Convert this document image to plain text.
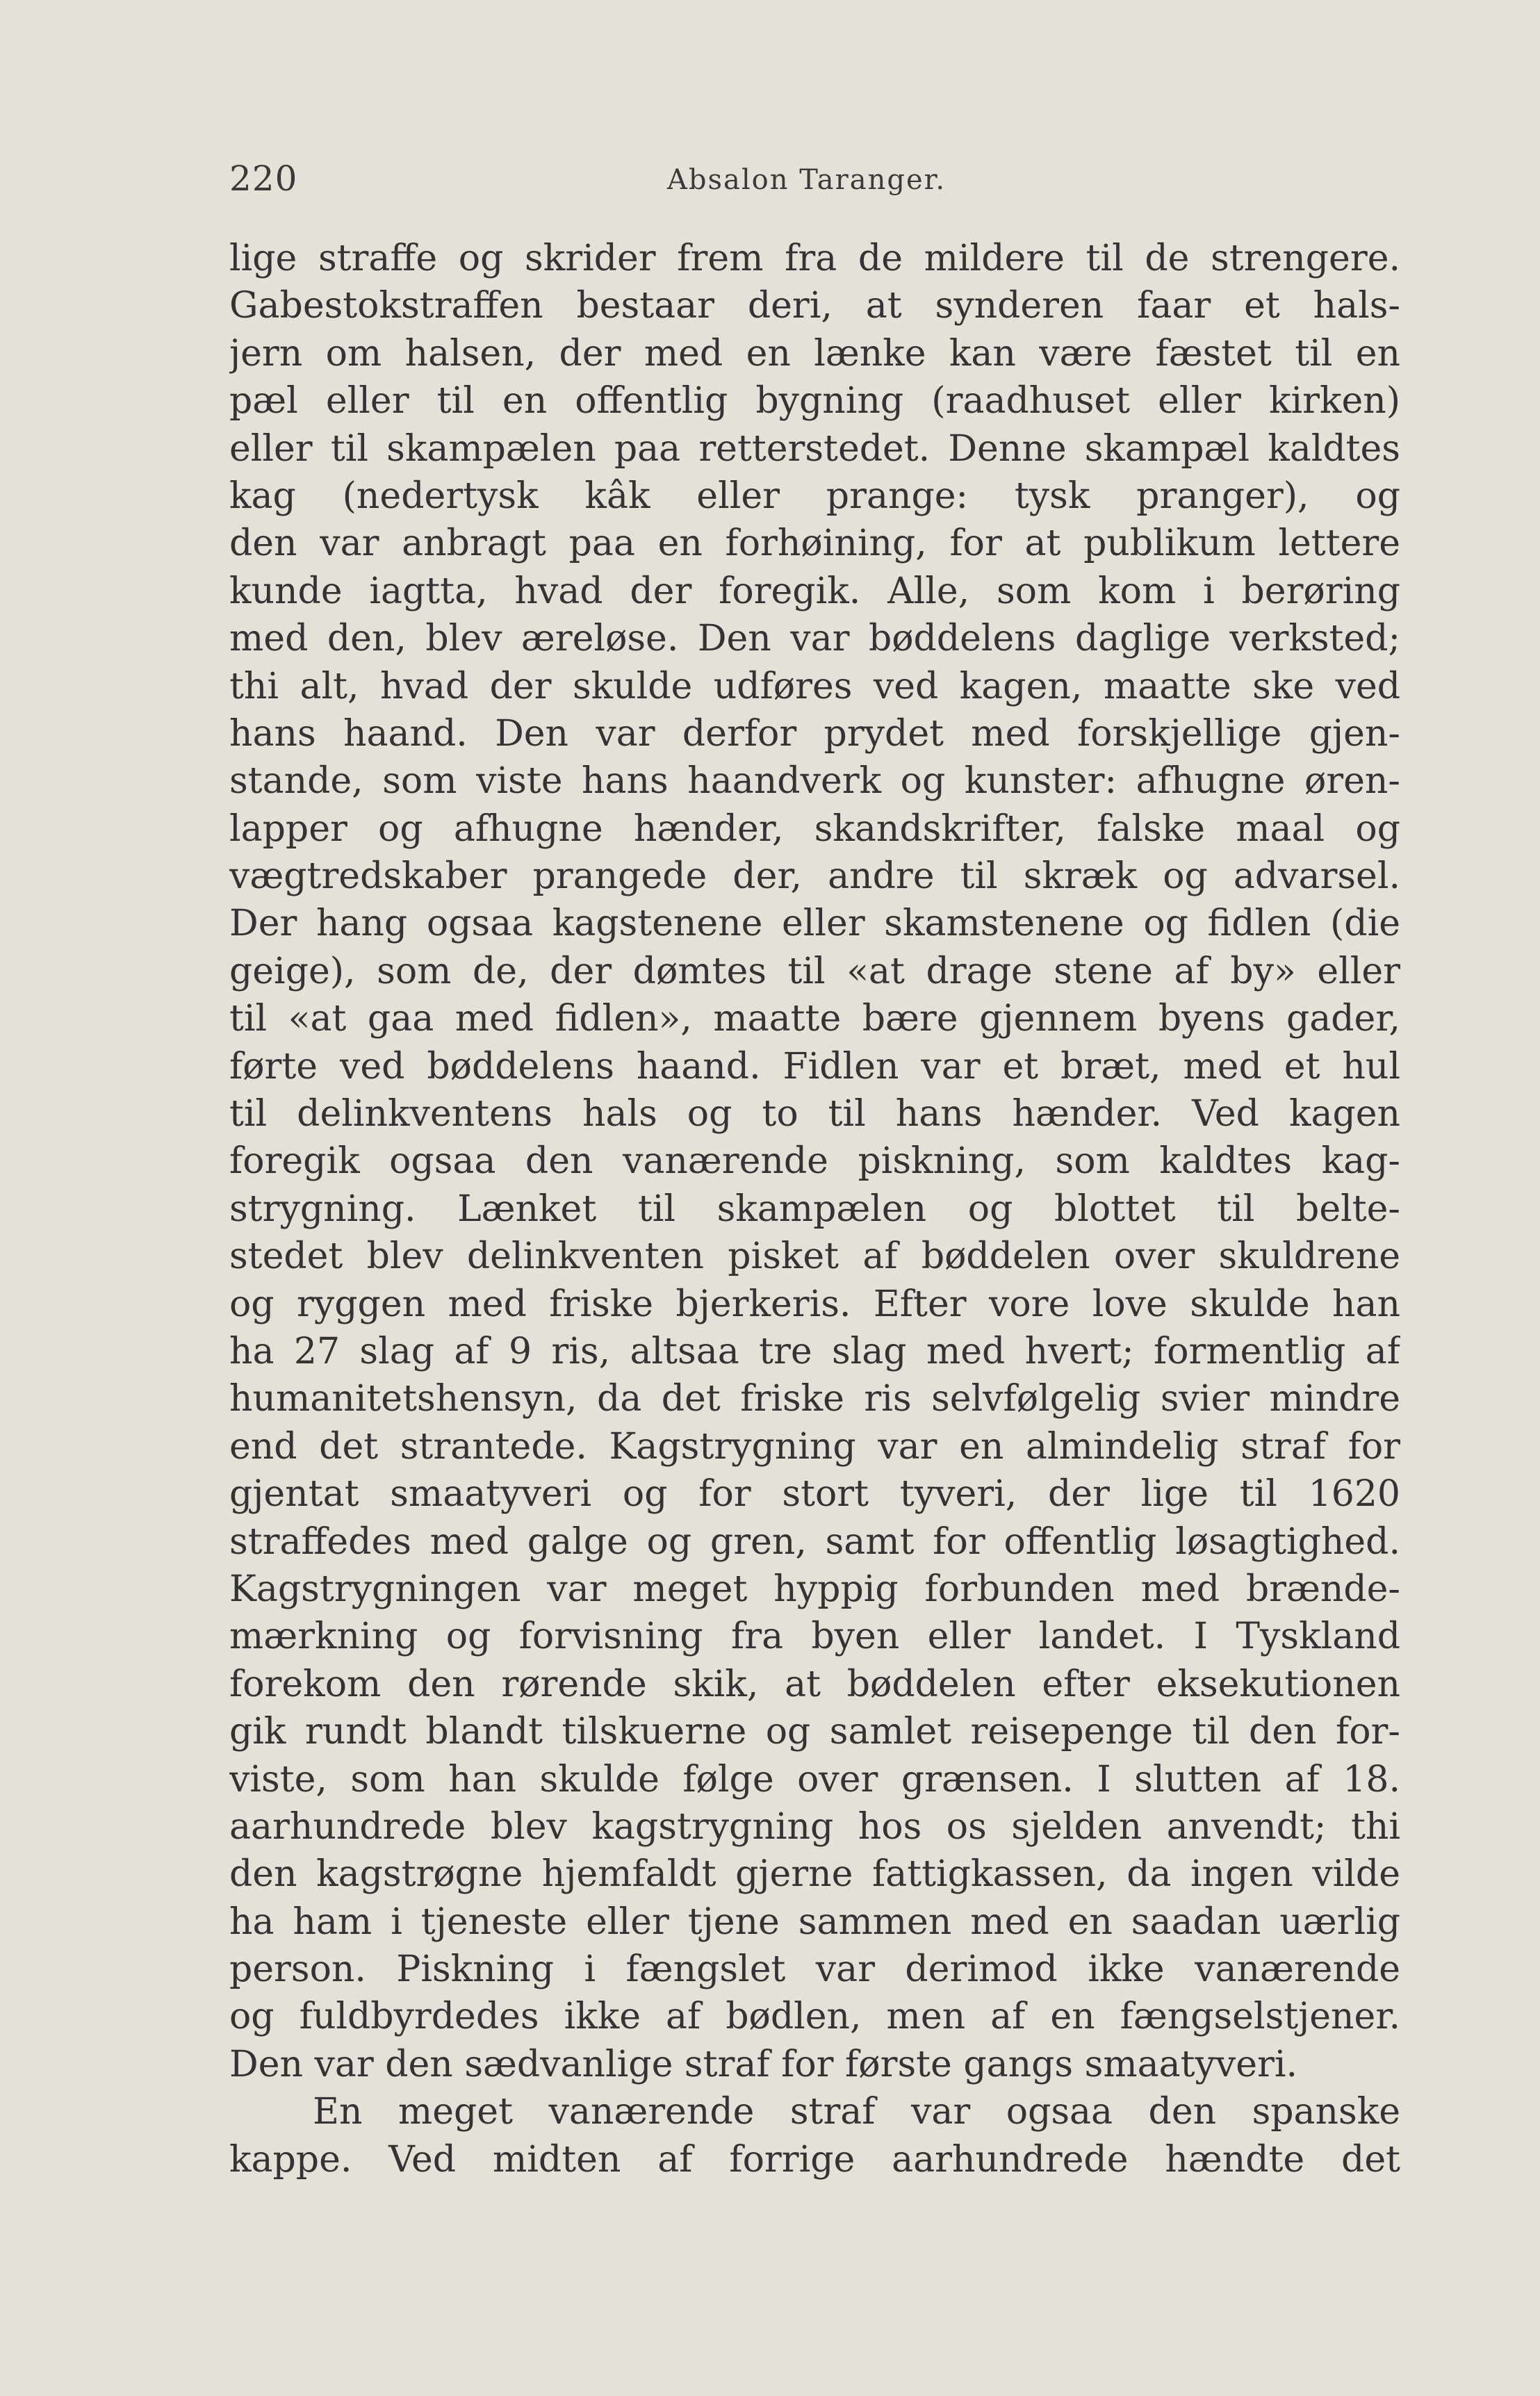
220	Absalon Taranger.
lige straffe og skrider frem fra de mildere til de strengere.
Gabestokstraffen bestaar deri, at synderen faar et hals-
jern om halsen, der med en lænke kan være fæstet til en
pæl eller til en offentlig bygning (raadhuset eller kirken)
eller til skampælen paa retterstedet. Denne skampæl kaldtes
kag (nedertysk kâk eller prange: tysk pranger), og
den var anbragt paa en forhøining, for at publikum lettere
kunde iagtta, hvad der foregik. Alle, som kom i berøring
med den, blev æreløse. Den var bøddelens daglige verksted;
thi alt, hvad der skulde udføres ved kagen, maatte ske ved
hans haand. Den var derfor prydet med forskjellige gjen-
stande, som viste hans haandverk og kunster: afhugne øren-
lapper og afhugne hænder, skandskrifter, falske maal og
vægtredskaber prangede der, andre til skræk og advarsel.
Der hang ogsaa kagstenene eller skamstenene og fidlen (die
geige), som de, der dømtes til «at drage stene af by» eller
til «at gaa med fidlen», maatte bære gjennem byens gader,
førte ved bøddelens haand. Fidlen var et bræt, med et hul
til delinkventens hals og to til hans hænder. Ved kagen
foregik ogsaa den vanærende piskning, som kaldtes kag-
strygning. Lænket til skampælen og blottet til belte-
stedet blev delinkventen pisket af bøddelen over skuldrene
og ryggen med friske bjerkeris. Efter vore love skulde han
ha 27 slag af 9 ris, altsaa tre slag med hvert; formentlig af
humanitetshensyn, da det friske ris selvfølgelig svier mindre
end det strantede. Kagstrygning var en almindelig straf for
gjentat smaatyveri og for stort tyveri, der lige til 1620
straffedes med galge og gren, samt for offentlig løsagtighed.
Kagstrygningen var meget hyppig forbunden med brænde-
mærkning og forvisning fra byen eller landet. I Tyskland
forekom den rørende skik, at bøddelen efter eksekutionen
gik rundt blandt tilskuerne og samlet reisepenge til den for-
viste, som han skulde følge over grænsen. I slutten af 18.
aarhundrede blev kagstrygning hos os sjelden anvendt; thi
den kagstrøgne hjemfaldt gjerne fattigkassen, da ingen vilde
ha ham i tjeneste eller tjene sammen med en saadan uærlig
person. Piskning i fængslet var derimod ikke vanærende
og fuldbyrdedes ikke af bødlen, men af en fængselstjener.
Den var den sædvanlige straf for første gangs smaatyveri.
En meget vanærende straf var ogsaa den spanske
kappe. Ved midten af forrige aarhundrede hændte det
